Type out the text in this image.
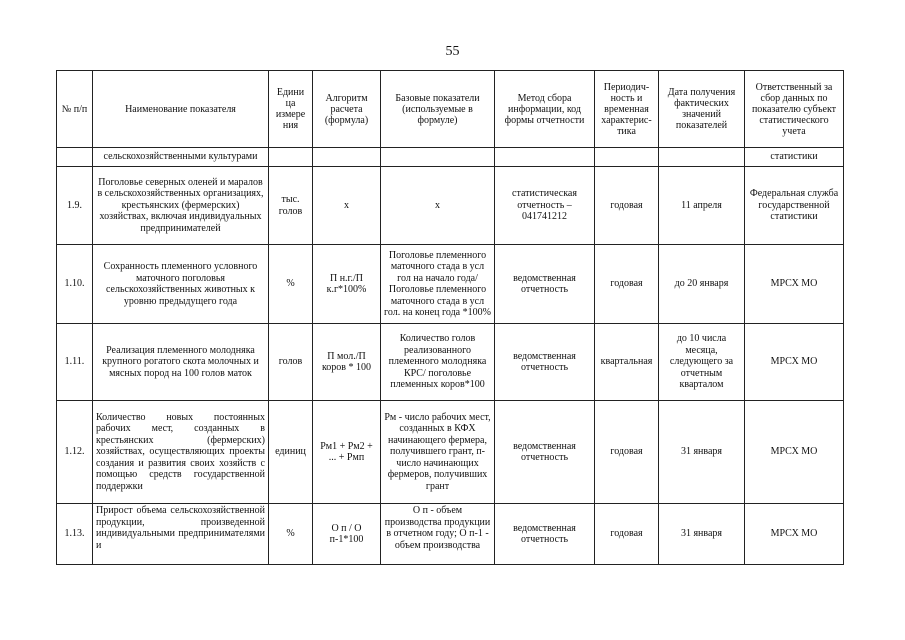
55
№ п/п	Наименование показателя	Едини ца измере ния	Алгоритм расчета (формула)	Базовые показатели (используемые в формуле)	Метод сбора информации, код формы отчетности	Периодич-ность и временная характерис-тика	Дата получения фактических значений показателей	Ответственный за сбор данных по показателю субъект статистического учета
	сельскохозяйственными культурами							статистики
1.9.	Поголовье северных оленей и маралов в сельскохозяйственных организациях, крестьянских (фермерских) хозяйствах, включая индивидуальных предпринимателей	тыс. голов	х	х	статистическая отчетность – 041741212	годовая	11 апреля	Федеральная служба государственной статистики
1.10.	Сохранность племенного условного маточного поголовья сельскохозяйственных животных к уровню предыдущего года	%	П н.г./П к.г*100%	Поголовье племенного маточного стада в усл гол на начало года/ Поголовье племенного маточного стада в усл гол. на конец года *100%	ведомственная отчетность	годовая	до 20 января	МРСХ МО
1.11.	Реализация племенного молодняка крупного рогатого скота молочных и мясных пород на 100 голов маток	голов	П мол./П коров * 100	Количество голов реализованного племенного молодняка КРС/ поголовье племенных коров*100	ведомственная отчетность	квартальная	до 10 числа месяца, следующего за отчетным кварталом	МРСХ МО
1.12.	Количество новых постоянных рабочих мест, созданных в крестьянских (фермерских) хозяйствах, осуществляющих проекты создания и развития своих хозяйств с помощью средств государственной поддержки	единиц	Рм1 + Рм2 + ... + Рмп	Рм - число рабочих мест, созданных в КФХ начинающего фермера, получившего грант, п- число начинающих фермеров, получивших грант	ведомственная отчетность	годовая	31 января	МРСХ МО
1.13.	Прирост объема сельскохозяйственной продукции, произведенной индивидуальными предпринимателями и	%	О п / О п-1*100	О п - объем производства продукции в отчетном году; О п-1 - объем производства	ведомственная отчетность	годовая	31 января	МРСХ МО
